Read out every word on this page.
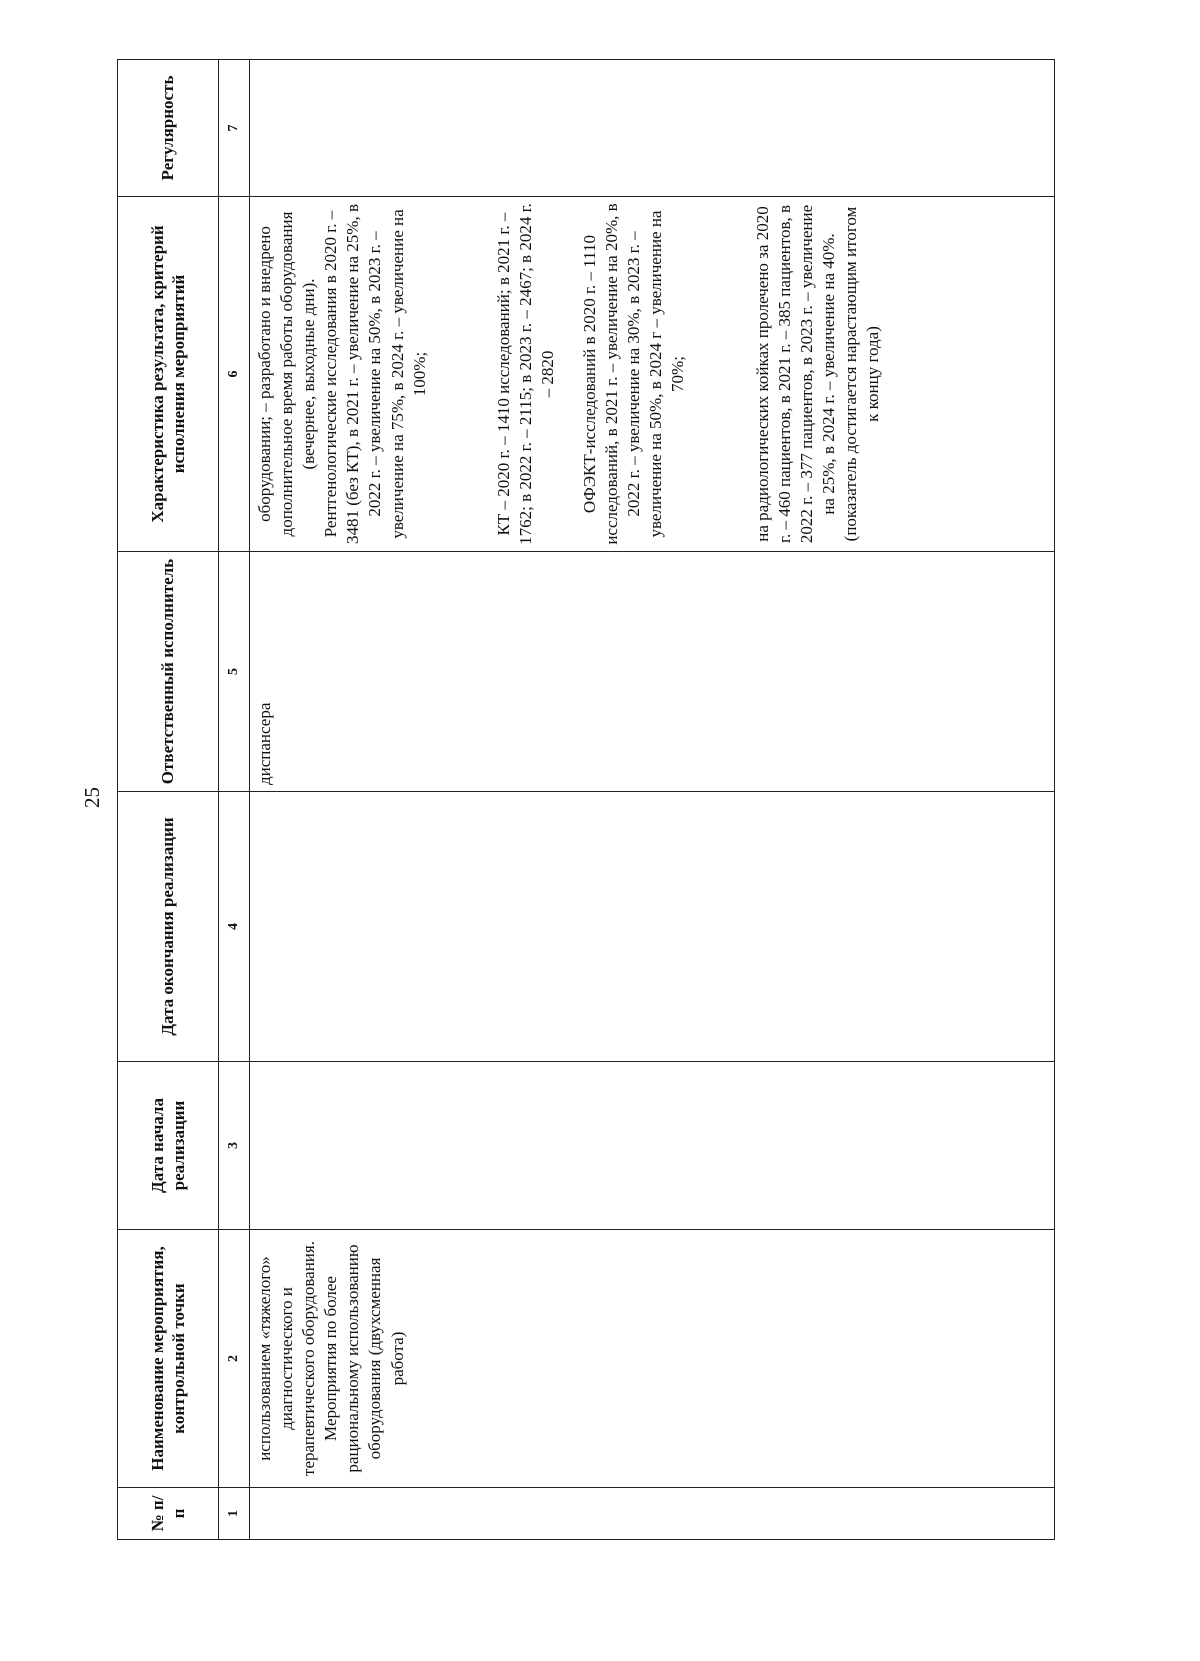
25
№ п/п	Наименование мероприятия, контрольной точки	Дата начала реализации	Дата окончания реализации	Ответственный исполнитель	Характеристика результата, критерий исполнения мероприятий	Регулярность
1	2	3	4	5	6	7
	использованием «тяжелого» диагностического и терапевтического оборудования. Мероприятия по более рациональному использованию оборудования (двухсменная работа)			диспансера	оборудовании; – разработано и внедрено дополнительное время работы оборудования (вечернее, выходные дни). Рентгенологические исследования в 2020 г. – 3481 (без КТ), в 2021 г. – увеличение на 25%, в 2022 г. – увеличение на 50%, в 2023 г. – увеличение на 75%, в 2024 г. – увеличение на 100%; КТ – 2020 г. – 1410 исследований; в 2021 г. – 1762; в 2022 г. – 2115; в 2023 г. – 2467; в 2024 г. – 2820 ОФЭКТ-исследований в 2020 г. – 1110 исследований, в 2021 г. – увеличение на 20%, в 2022 г. – увеличение на 30%, в 2023 г. – увеличение на 50%, в 2024 г – увеличение на 70%; на радиологических койках пролечено за 2020 г. – 460 пациентов, в 2021 г. – 385 пациентов, в 2022 г. – 377 пациентов, в 2023 г. – увеличение на 25%, в 2024 г. – увеличение на 40%. (показатель достигается нарастающим итогом к концу года)	
